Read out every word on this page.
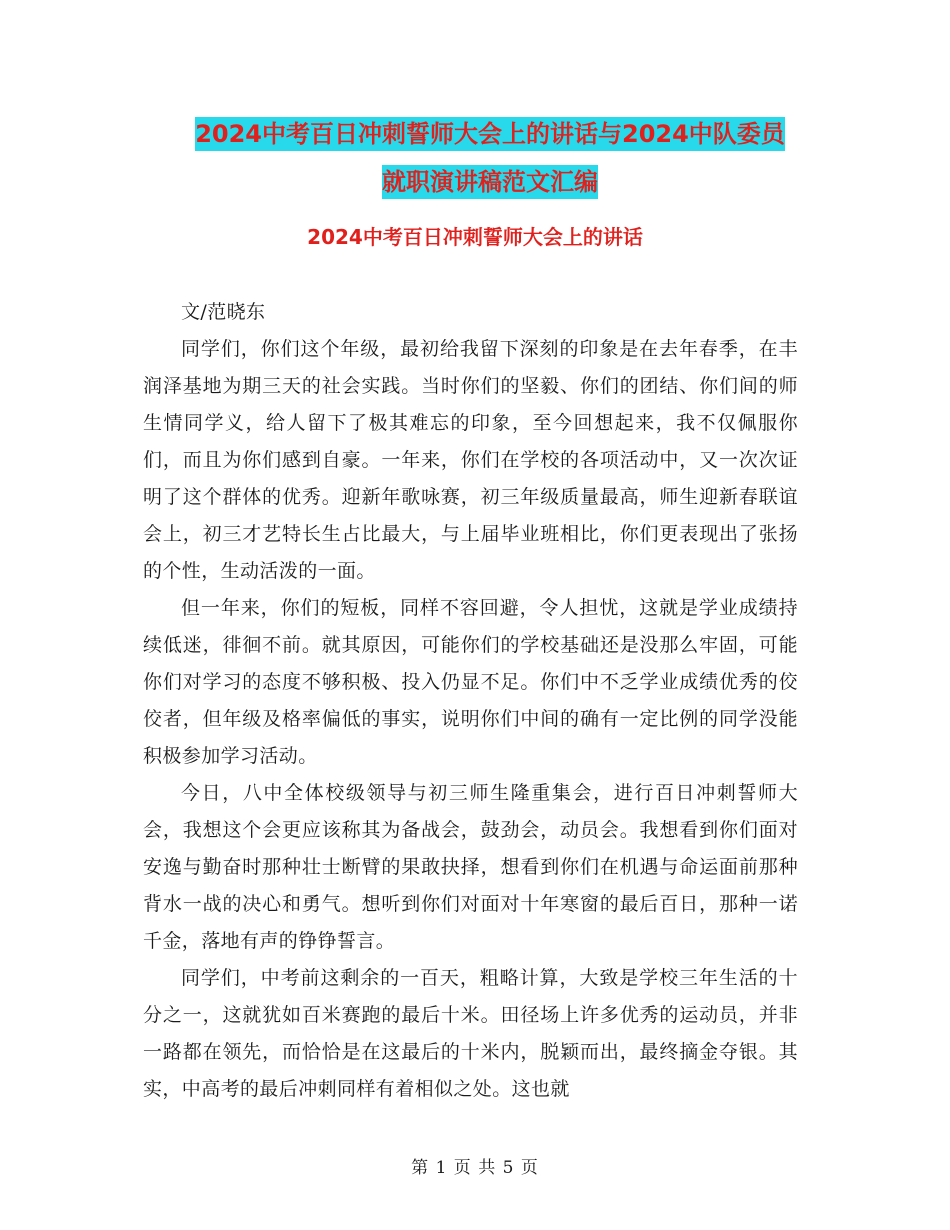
2024中考百日冲刺誓师大会上的讲话与2024中队委员
就职演讲稿范文汇编
2024中考百日冲刺誓师大会上的讲话

文/范晓东

同学们，你们这个年级，最初给我留下深刻的印象是在去年春季，在丰润泽基地为期三天的社会实践。当时你们的坚毅、你们的团结、你们间的师生情同学义，给人留下了极其难忘的印象，至今回想起来，我不仅佩服你们，而且为你们感到自豪。一年来，你们在学校的各项活动中，又一次次证明了这个群体的优秀。迎新年歌咏赛，初三年级质量最高，师生迎新春联谊会上，初三才艺特长生占比最大，与上届毕业班相比，你们更表现出了张扬的个性，生动活泼的一面。

但一年来，你们的短板，同样不容回避，令人担忧，这就是学业成绩持续低迷，徘徊不前。就其原因，可能你们的学校基础还是没那么牢固，可能你们对学习的态度不够积极、投入仍显不足。你们中不乏学业成绩优秀的佼佼者，但年级及格率偏低的事实，说明你们中间的确有一定比例的同学没能积极参加学习活动。

今日，八中全体校级领导与初三师生隆重集会，进行百日冲刺誓师大会，我想这个会更应该称其为备战会，鼓劲会，动员会。我想看到你们面对安逸与勤奋时那种壮士断臂的果敢抉择，想看到你们在机遇与命运面前那种背水一战的决心和勇气。想听到你们对面对十年寒窗的最后百日，那种一诺千金，落地有声的铮铮誓言。

同学们，中考前这剩余的一百天，粗略计算，大致是学校三年生活的十分之一，这就犹如百米赛跑的最后十米。田径场上许多优秀的运动员，并非一路都在领先，而恰恰是在这最后的十米内，脱颖而出，最终摘金夺银。其实，中高考的最后冲刺同样有着相似之处。这也就

第 1 页 共 5 页
